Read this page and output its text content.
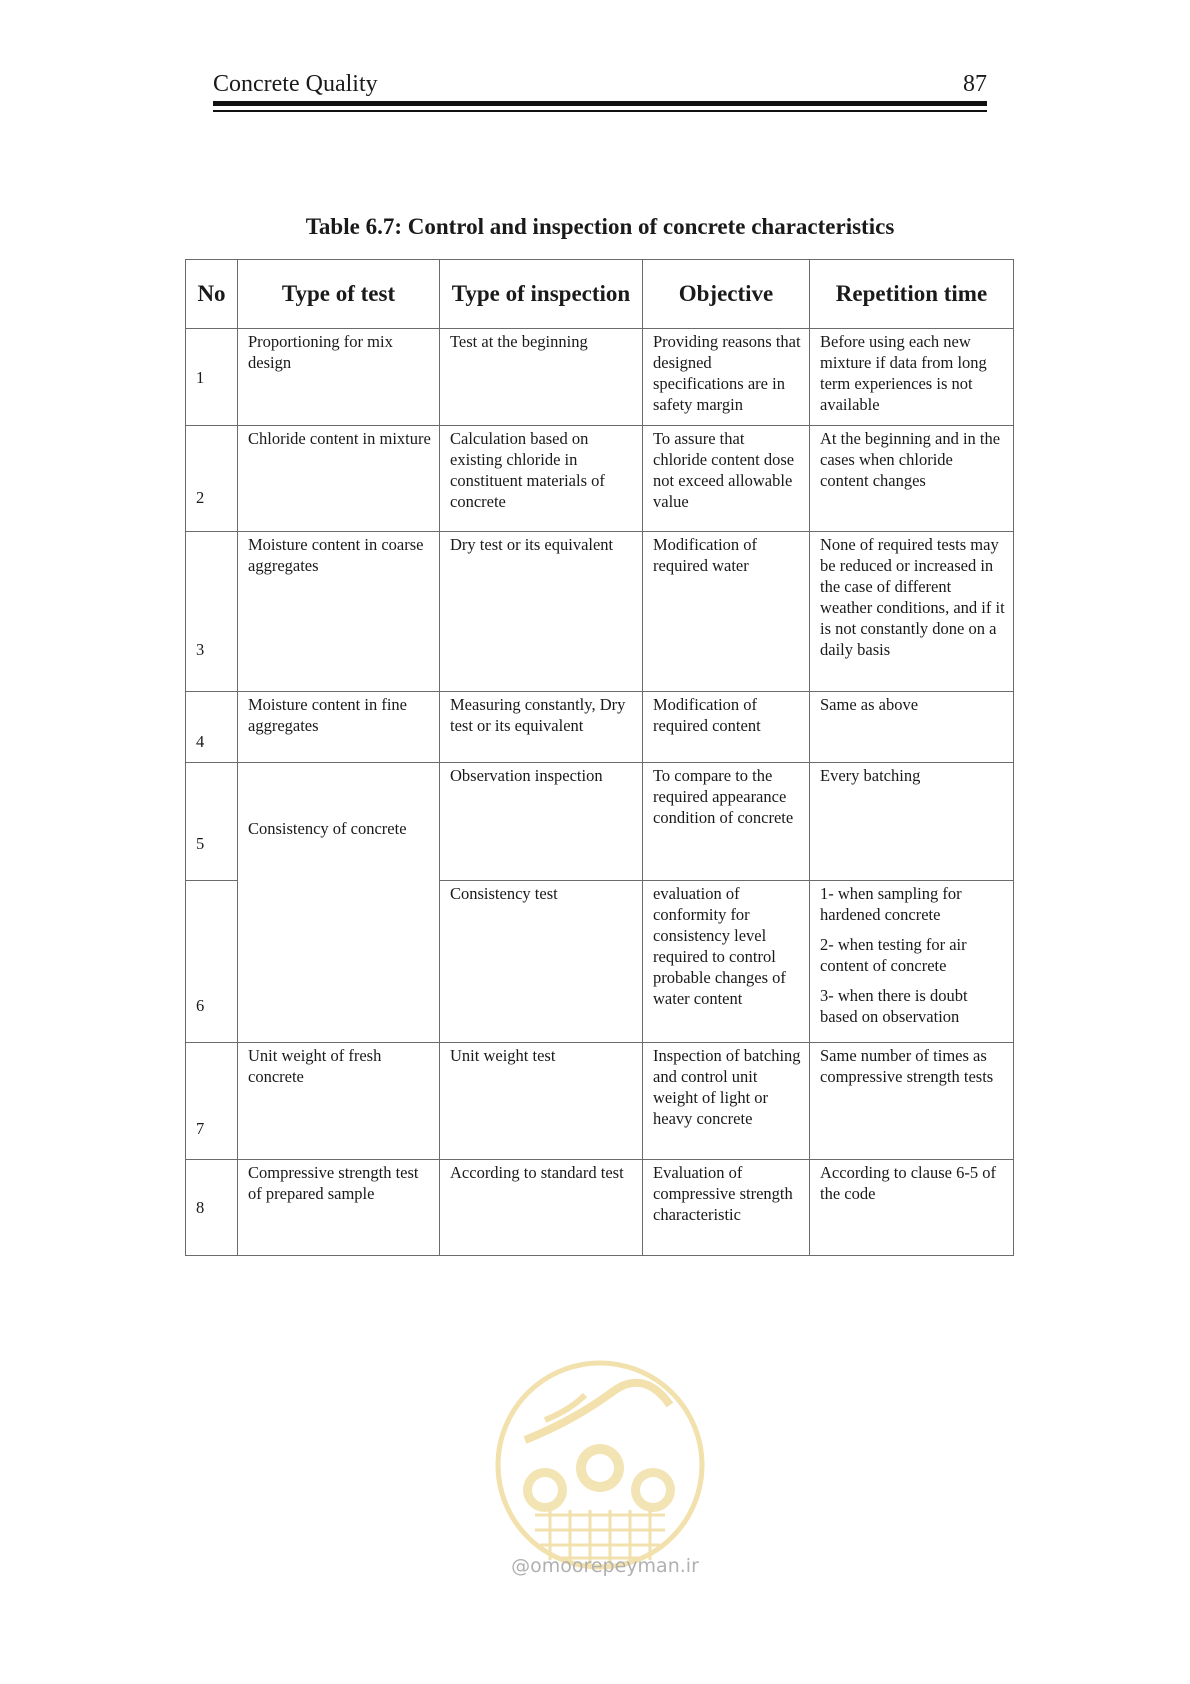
Concrete Quality	87
Table 6.7: Control and inspection of concrete characteristics
No	Type of test	Type of inspection	Objective	Repetition time

1	Proportioning for mix design	Test at the beginning	Providing reasons that designed specifications are in safety margin	Before using each new mixture if data from long term experiences is not available

2	Chloride content in mixture	Calculation based on existing chloride in constituent materials of concrete	To assure that chloride content dose not exceed allowable value	At the beginning and in the cases when chloride content changes

3	Moisture content in coarse aggregates	Dry test or its equivalent	Modification of required water	None of required tests may be reduced or increased in the case of different weather conditions, and if it is not constantly done on a daily basis

4	Moisture content in fine aggregates	Measuring constantly, Dry test or its equivalent	Modification of required content	Same as above

5	Consistency of concrete	Observation inspection	To compare to the required appearance condition of concrete	Every batching

6		Consistency test	evaluation of conformity for consistency level required to control probable changes of water content	1- when sampling for hardened concrete
2- when testing for air content of concrete
3- when there is doubt based on observation

7	Unit weight of fresh concrete	Unit weight test	Inspection of batching and control unit weight of light or heavy concrete	Same number of times as compressive strength tests

8	Compressive strength test of prepared sample	According to standard test	Evaluation of compressive strength characteristic	According to clause 6-5 of the code
@omoorepeyman.ir
